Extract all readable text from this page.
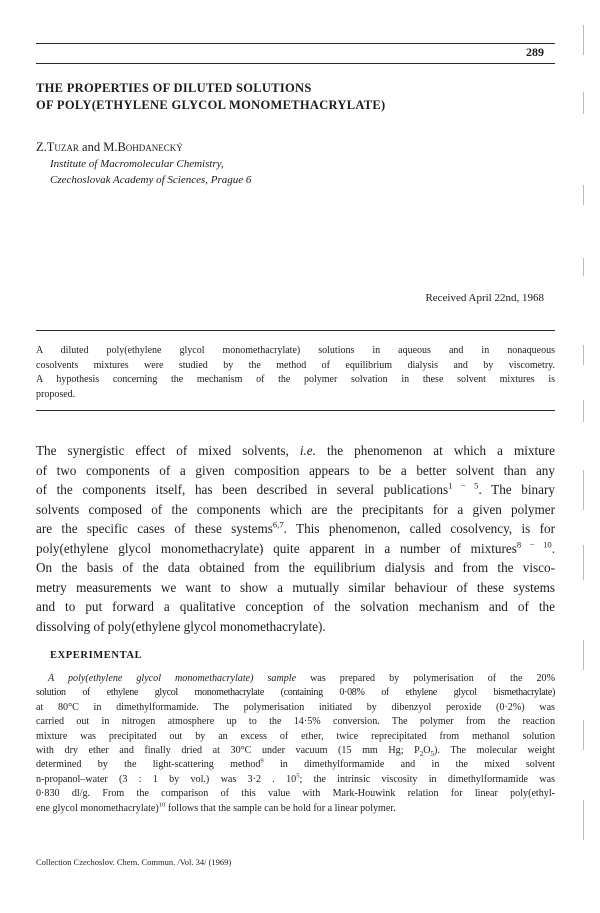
289
THE PROPERTIES OF DILUTED SOLUTIONS
OF POLY(ETHYLENE GLYCOL MONOMETHACRYLATE)
Z.Tuzar and M.Bohdanecký
Institute of Macromolecular Chemistry,
Czechoslovak Academy of Sciences, Prague 6
Received April 22nd, 1968
A diluted poly(ethylene glycol monomethacrylate) solutions in aqueous and in nonaqueous
cosolvents mixtures were studied by the method of equilibrium dialysis and by viscometry.
A hypothesis concerning the mechanism of the polymer solvation in these solvent mixtures is
proposed.
The synergistic effect of mixed solvents, i.e. the phenomenon at which a mixture
of two components of a given composition appears to be a better solvent than any
of the components itself, has been described in several publications$^{1 - 5}$. The binary
solvents composed of the components which are the precipitants for a given polymer
are the specific cases of these systems$^{6,7}$. This phenomenon, called cosolvency, is for
poly(ethylene glycol monomethacrylate) quite apparent in a number of mixtures$^{8 - 10}$.
On the basis of the data obtained from the equilibrium dialysis and from the visco-
metry measurements we want to show a mutually similar behaviour of these systems
and to put forward a qualitative conception of the solvation mechanism and of the
dissolving of poly(ethylene glycol monomethacrylate).
EXPERIMENTAL
A poly(ethylene glycol monomethacrylate) sample was prepared by polymerisation of the 20%
solution of ethylene glycol monomethacrylate (containing 0·08% of ethylene glycol bismethacrylate)
at 80°C in dimethylformamide. The polymerisation initiated by dibenzyol peroxide (0·2%) was
carried out in nitrogen atmosphere up to the 14·5% conversion. The polymer from the reaction
mixture was precipitated out by an excess of ether, twice reprecipitated from methanol solution
with dry ether and finally dried at 30°C under vacuum (15 mm Hg; $P_2O_5$). The molecular weight
determined by the light-scattering method$^9$ in dimethylformamide and in the mixed solvent
n-propanol–water (3 : 1 by vol.) was 3·2 . $10^5$; the intrinsic viscosity in dimethylformamide was
0·830 dl/g. From the comparison of this value with Mark-Houwink relation for linear poly(ethyl-
ene glycol monomethacrylate)$^{10}$ follows that the sample can be hold for a linear polymer.
Collection Czechoslov. Chem. Commun. /Vol. 34/ (1969)
